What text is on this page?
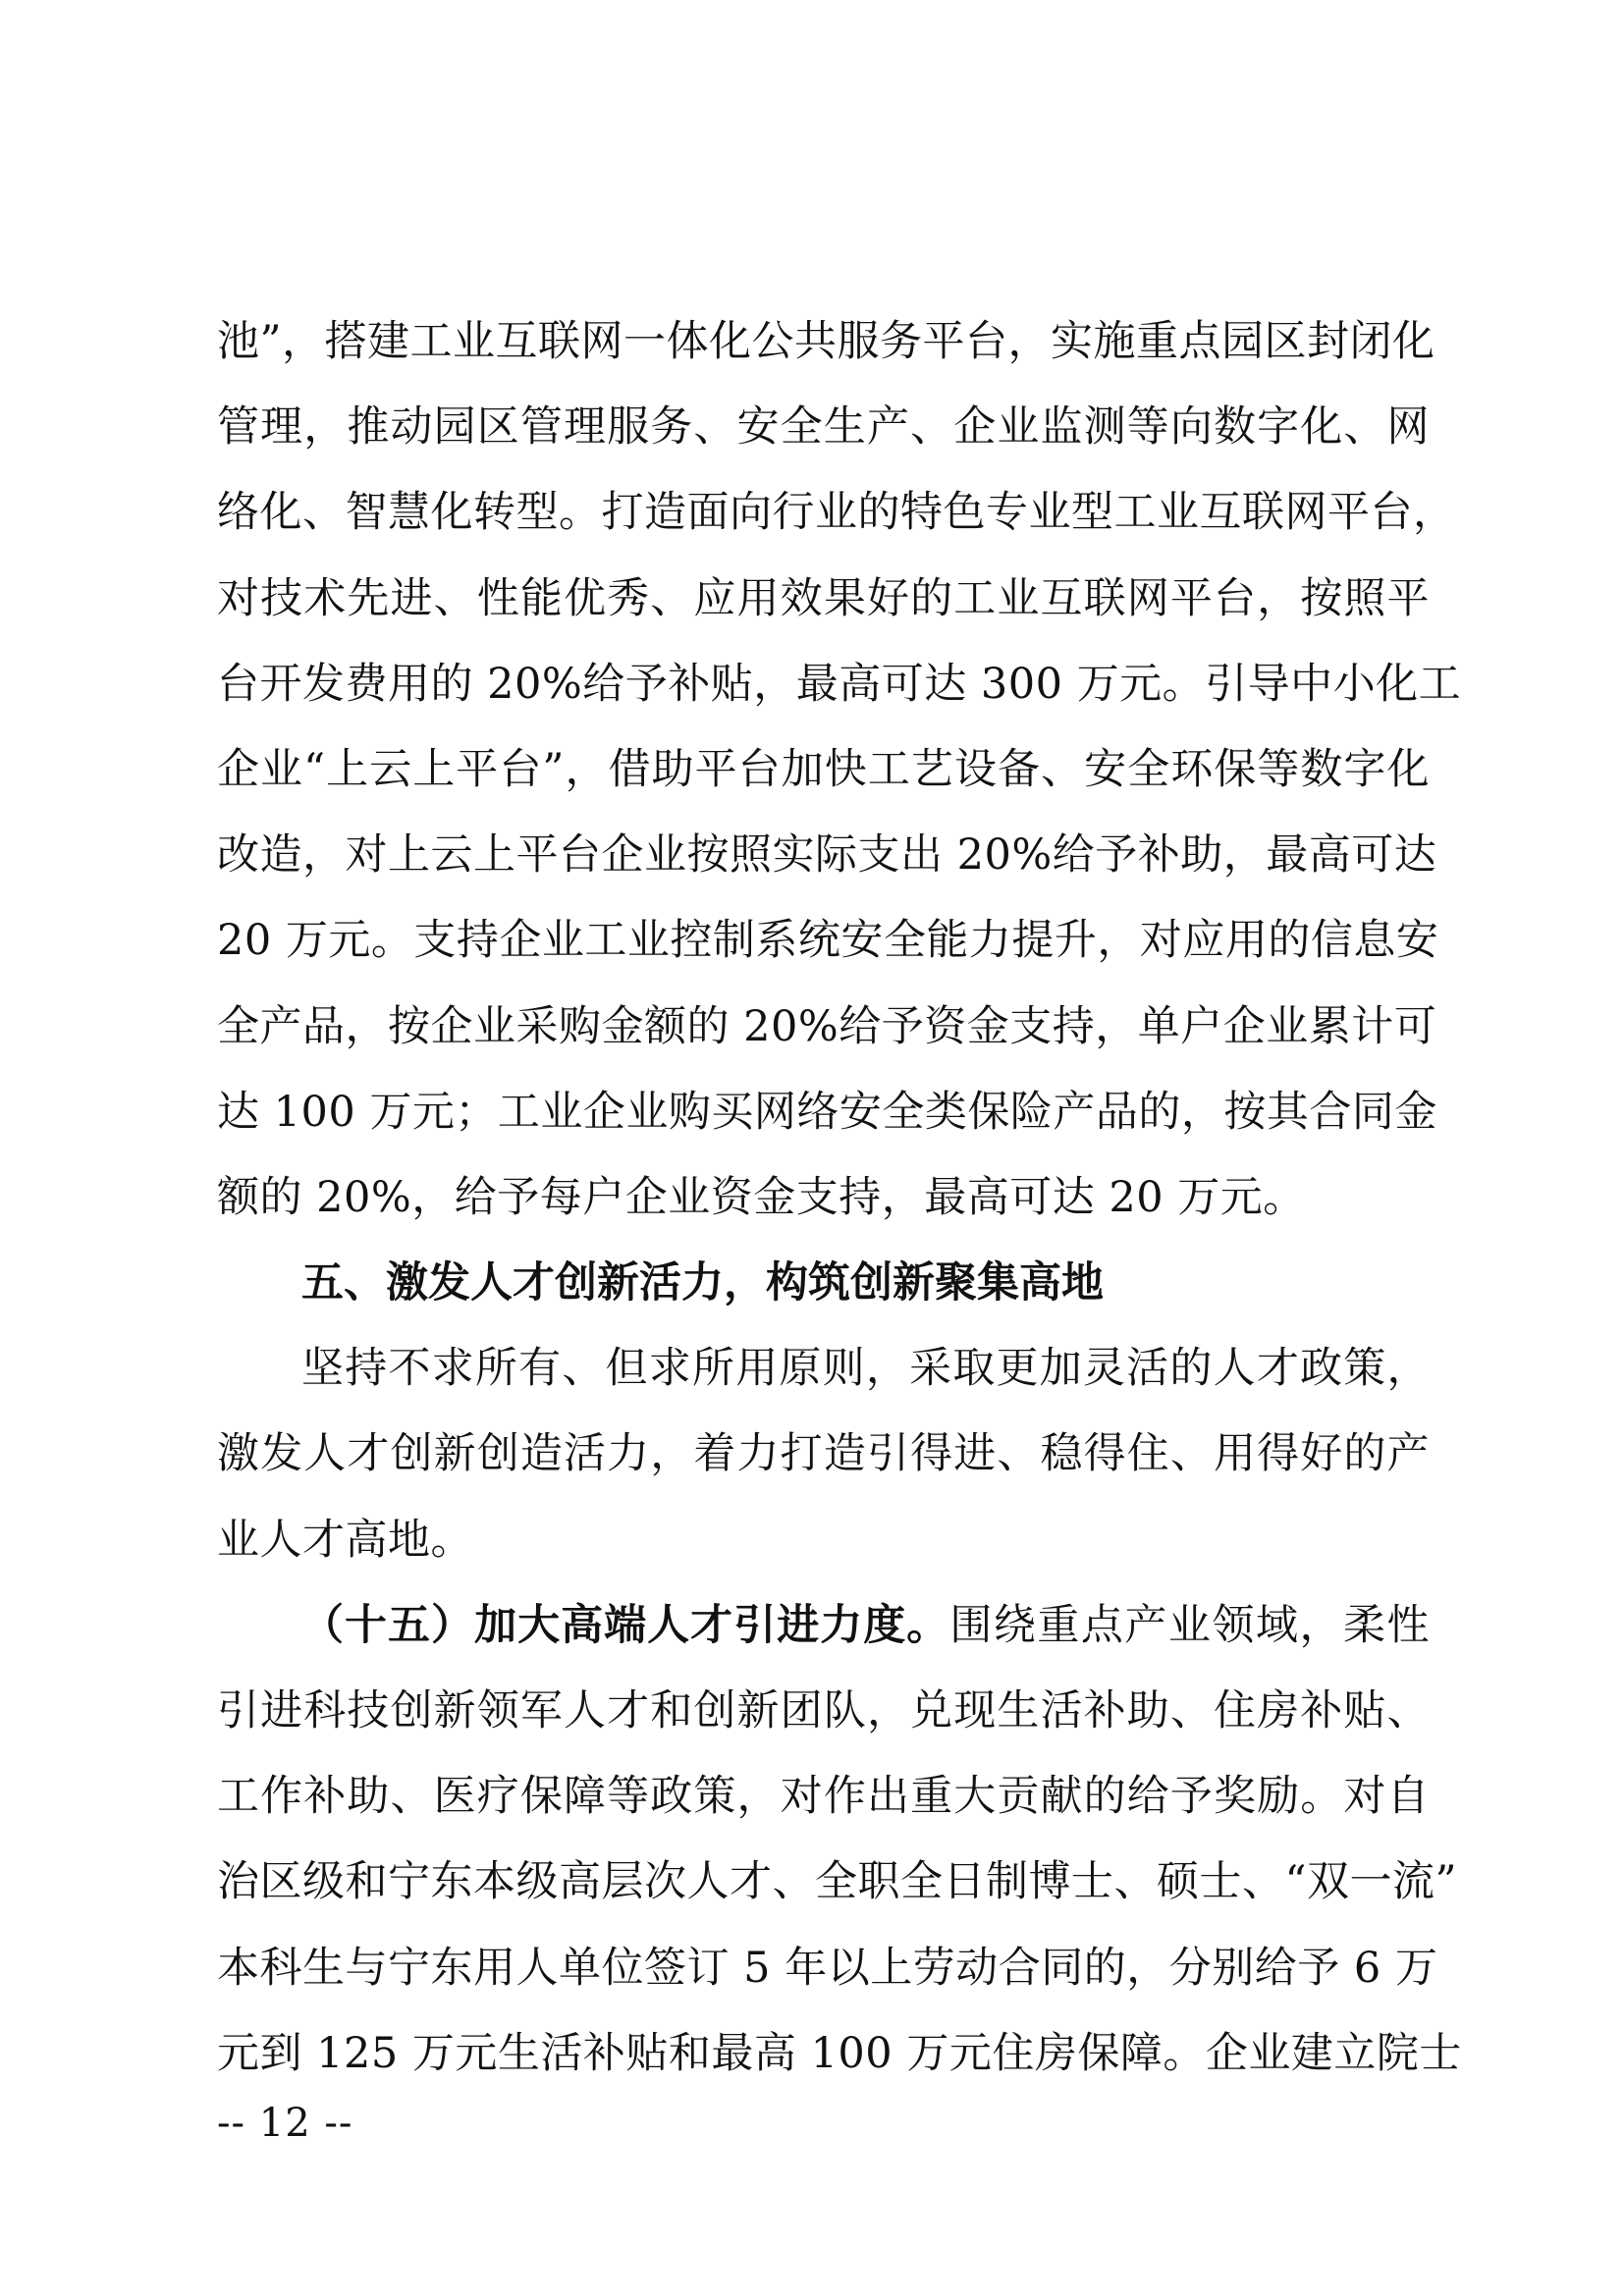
池”，搭建工业互联网一体化公共服务平台，实施重点园区封闭化
管理，推动园区管理服务、安全生产、企业监测等向数字化、网
络化、智慧化转型。打造面向行业的特色专业型工业互联网平台，
对技术先进、性能优秀、应用效果好的工业互联网平台，按照平
台开发费用的 20%给予补贴，最高可达 300 万元。引导中小化工
企业“上云上平台”，借助平台加快工艺设备、安全环保等数字化
改造，对上云上平台企业按照实际支出 20%给予补助，最高可达
20 万元。支持企业工业控制系统安全能力提升，对应用的信息安
全产品，按企业采购金额的 20%给予资金支持，单户企业累计可
达 100 万元；工业企业购买网络安全类保险产品的，按其合同金
额的 20%，给予每户企业资金支持，最高可达 20 万元。
五、激发人才创新活力，构筑创新聚集高地
坚持不求所有、但求所用原则，采取更加灵活的人才政策，
激发人才创新创造活力，着力打造引得进、稳得住、用得好的产
业人才高地。
（十五）加大高端人才引进力度。围绕重点产业领域，柔性
引进科技创新领军人才和创新团队，兑现生活补助、住房补贴、
工作补助、医疗保障等政策，对作出重大贡献的给予奖励。对自
治区级和宁东本级高层次人才、全职全日制博士、硕士、“双一流”
本科生与宁东用人单位签订 5 年以上劳动合同的，分别给予 6 万
元到 125 万元生活补贴和最高 100 万元住房保障。企业建立院士
-- 12 --
